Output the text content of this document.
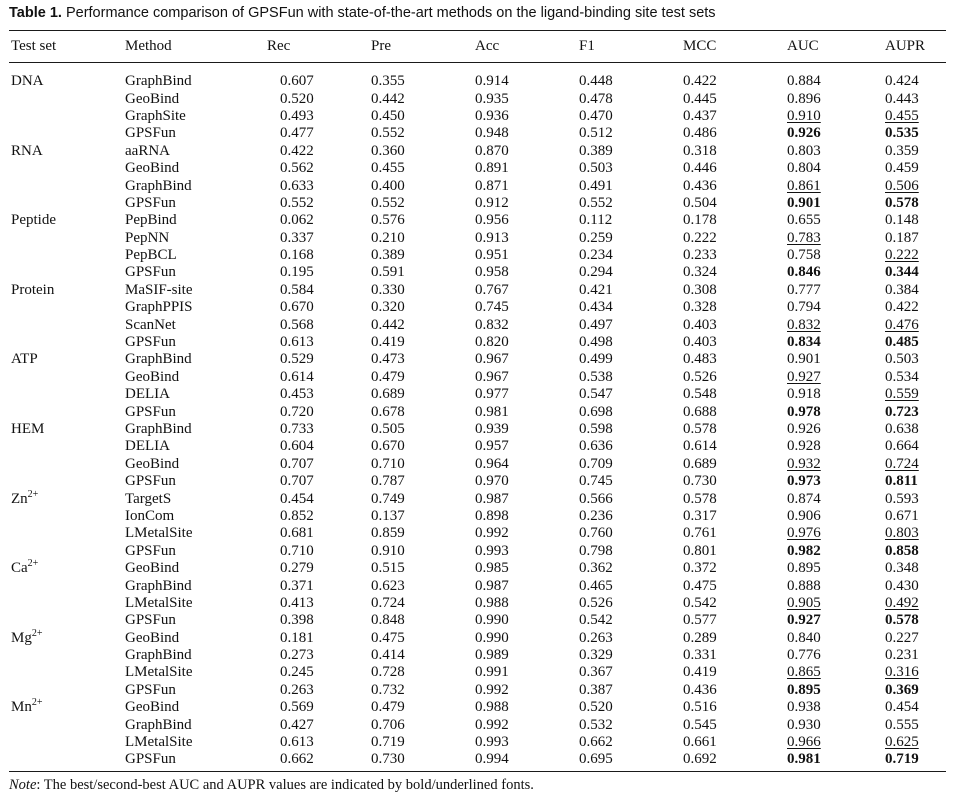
Table 1. Performance comparison of GPSFun with state-of-the-art methods on the ligand-binding site test sets
Test set	Method	Rec	Pre	Acc	F1	MCC	AUC	AUPR

DNA	GraphBind	0.607	0.355	0.914	0.448	0.422	0.884	0.424
	GeoBind	0.520	0.442	0.935	0.478	0.445	0.896	0.443
	GraphSite	0.493	0.450	0.936	0.470	0.437	0.910	0.455
	GPSFun	0.477	0.552	0.948	0.512	0.486	0.926	0.535
RNA	aaRNA	0.422	0.360	0.870	0.389	0.318	0.803	0.359
	GeoBind	0.562	0.455	0.891	0.503	0.446	0.804	0.459
	GraphBind	0.633	0.400	0.871	0.491	0.436	0.861	0.506
	GPSFun	0.552	0.552	0.912	0.552	0.504	0.901	0.578
Peptide	PepBind	0.062	0.576	0.956	0.112	0.178	0.655	0.148
	PepNN	0.337	0.210	0.913	0.259	0.222	0.783	0.187
	PepBCL	0.168	0.389	0.951	0.234	0.233	0.758	0.222
	GPSFun	0.195	0.591	0.958	0.294	0.324	0.846	0.344
Protein	MaSIF-site	0.584	0.330	0.767	0.421	0.308	0.777	0.384
	GraphPPIS	0.670	0.320	0.745	0.434	0.328	0.794	0.422
	ScanNet	0.568	0.442	0.832	0.497	0.403	0.832	0.476
	GPSFun	0.613	0.419	0.820	0.498	0.403	0.834	0.485
ATP	GraphBind	0.529	0.473	0.967	0.499	0.483	0.901	0.503
	GeoBind	0.614	0.479	0.967	0.538	0.526	0.927	0.534
	DELIA	0.453	0.689	0.977	0.547	0.548	0.918	0.559
	GPSFun	0.720	0.678	0.981	0.698	0.688	0.978	0.723
HEM	GraphBind	0.733	0.505	0.939	0.598	0.578	0.926	0.638
	DELIA	0.604	0.670	0.957	0.636	0.614	0.928	0.664
	GeoBind	0.707	0.710	0.964	0.709	0.689	0.932	0.724
	GPSFun	0.707	0.787	0.970	0.745	0.730	0.973	0.811
$Zn^{2+}$	TargetS	0.454	0.749	0.987	0.566	0.578	0.874	0.593
	IonCom	0.852	0.137	0.898	0.236	0.317	0.906	0.671
	LMetalSite	0.681	0.859	0.992	0.760	0.761	0.976	0.803
	GPSFun	0.710	0.910	0.993	0.798	0.801	0.982	0.858
$Ca^{2+}$	GeoBind	0.279	0.515	0.985	0.362	0.372	0.895	0.348
	GraphBind	0.371	0.623	0.987	0.465	0.475	0.888	0.430
	LMetalSite	0.413	0.724	0.988	0.526	0.542	0.905	0.492
	GPSFun	0.398	0.848	0.990	0.542	0.577	0.927	0.578
$Mg^{2+}$	GeoBind	0.181	0.475	0.990	0.263	0.289	0.840	0.227
	GraphBind	0.273	0.414	0.989	0.329	0.331	0.776	0.231
	LMetalSite	0.245	0.728	0.991	0.367	0.419	0.865	0.316
	GPSFun	0.263	0.732	0.992	0.387	0.436	0.895	0.369
$Mn^{2+}$	GeoBind	0.569	0.479	0.988	0.520	0.516	0.938	0.454
	GraphBind	0.427	0.706	0.992	0.532	0.545	0.930	0.555
	LMetalSite	0.613	0.719	0.993	0.662	0.661	0.966	0.625
	GPSFun	0.662	0.730	0.994	0.695	0.692	0.981	0.719
Note: The best/second-best AUC and AUPR values are indicated by bold/underlined fonts.
